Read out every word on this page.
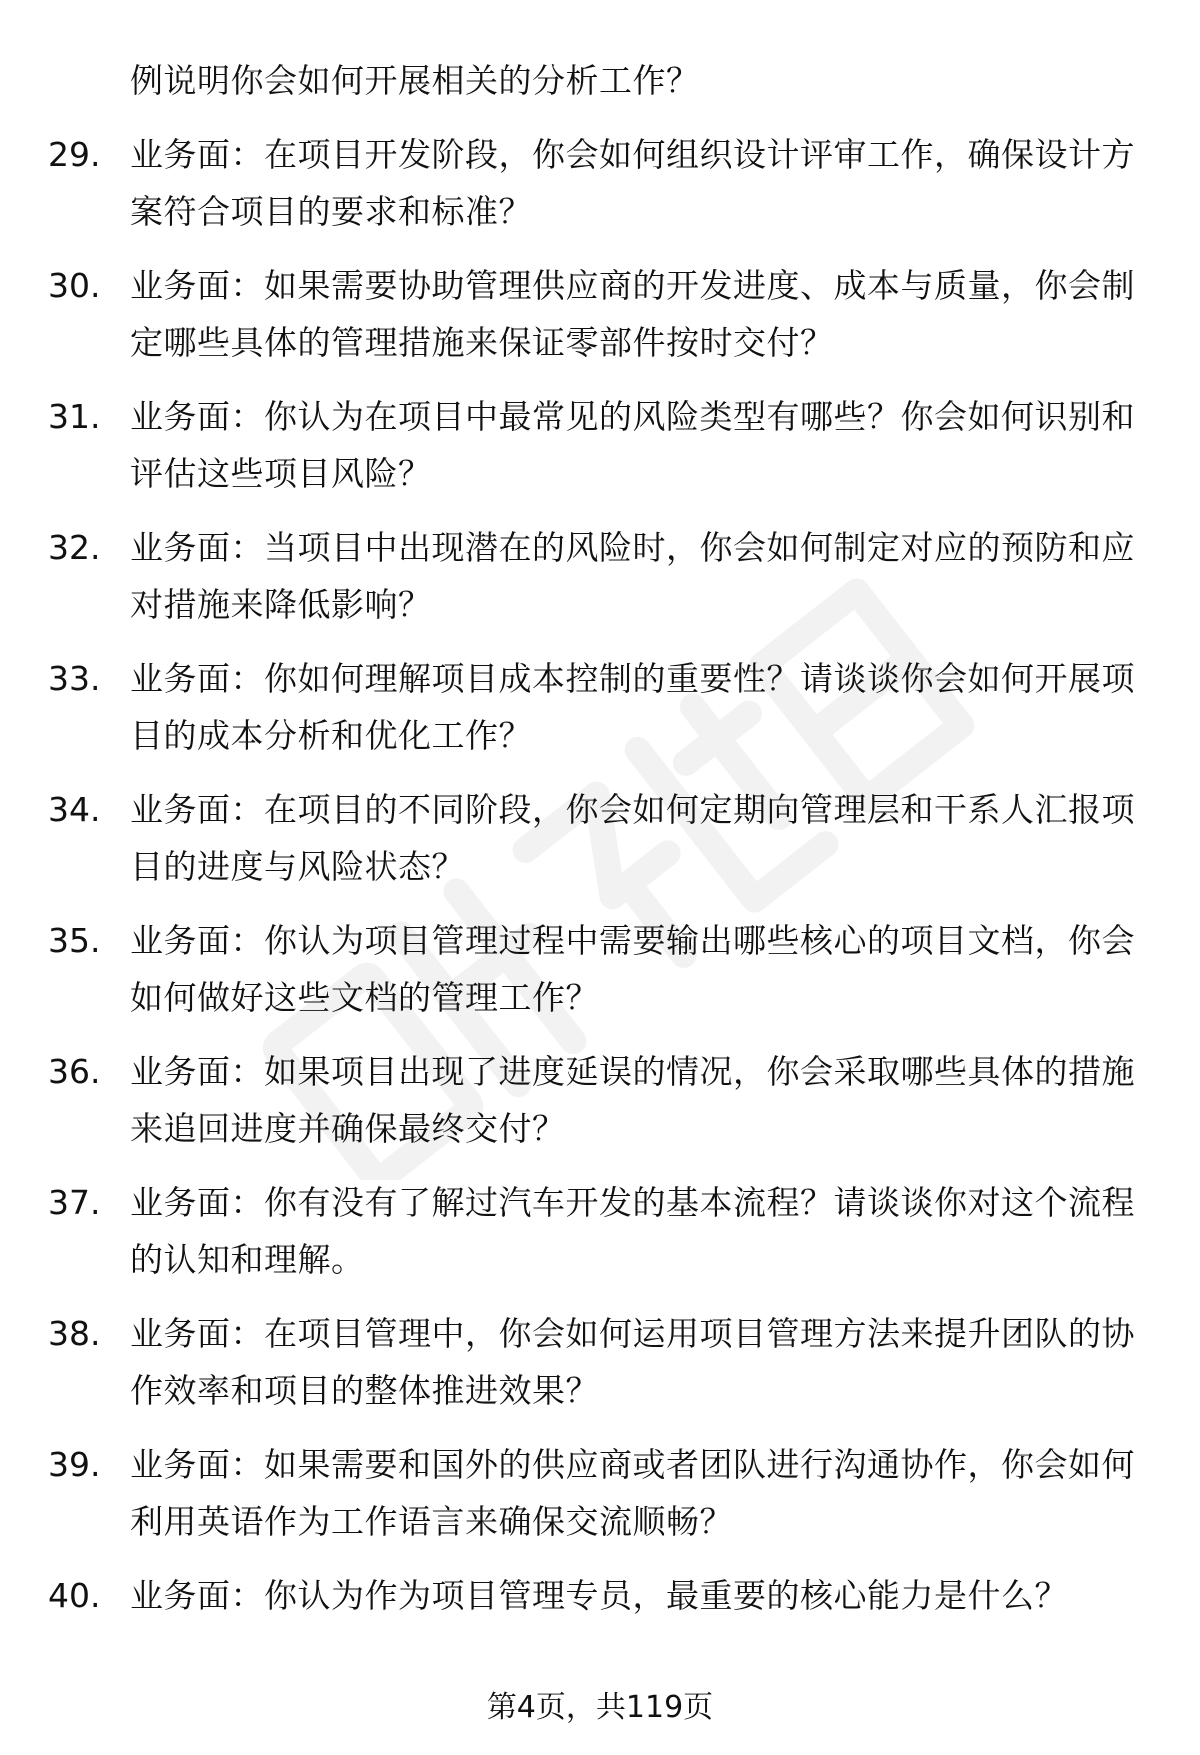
例说明你会如何开展相关的分析工作？

29. 业务面：在项目开发阶段，你会如何组织设计评审工作，确保设计方案符合项目的要求和标准？
30. 业务面：如果需要协助管理供应商的开发进度、成本与质量，你会制定哪些具体的管理措施来保证零部件按时交付？
31. 业务面：你认为在项目中最常见的风险类型有哪些？你会如何识别和评估这些项目风险？
32. 业务面：当项目中出现潜在的风险时，你会如何制定对应的预防和应对措施来降低影响？
33. 业务面：你如何理解项目成本控制的重要性？请谈谈你会如何开展项目的成本分析和优化工作？
34. 业务面：在项目的不同阶段，你会如何定期向管理层和干系人汇报项目的进度与风险状态？
35. 业务面：你认为项目管理过程中需要输出哪些核心的项目文档，你会如何做好这些文档的管理工作？
36. 业务面：如果项目出现了进度延误的情况，你会采取哪些具体的措施来追回进度并确保最终交付？
37. 业务面：你有没有了解过汽车开发的基本流程？请谈谈你对这个流程的认知和理解。
38. 业务面：在项目管理中，你会如何运用项目管理方法来提升团队的协作效率和项目的整体推进效果？
39. 业务面：如果需要和国外的供应商或者团队进行沟通协作，你会如何利用英语作为工作语言来确保交流顺畅？
40. 业务面：你认为作为项目管理专员，最重要的核心能力是什么？
第4页，共119页
